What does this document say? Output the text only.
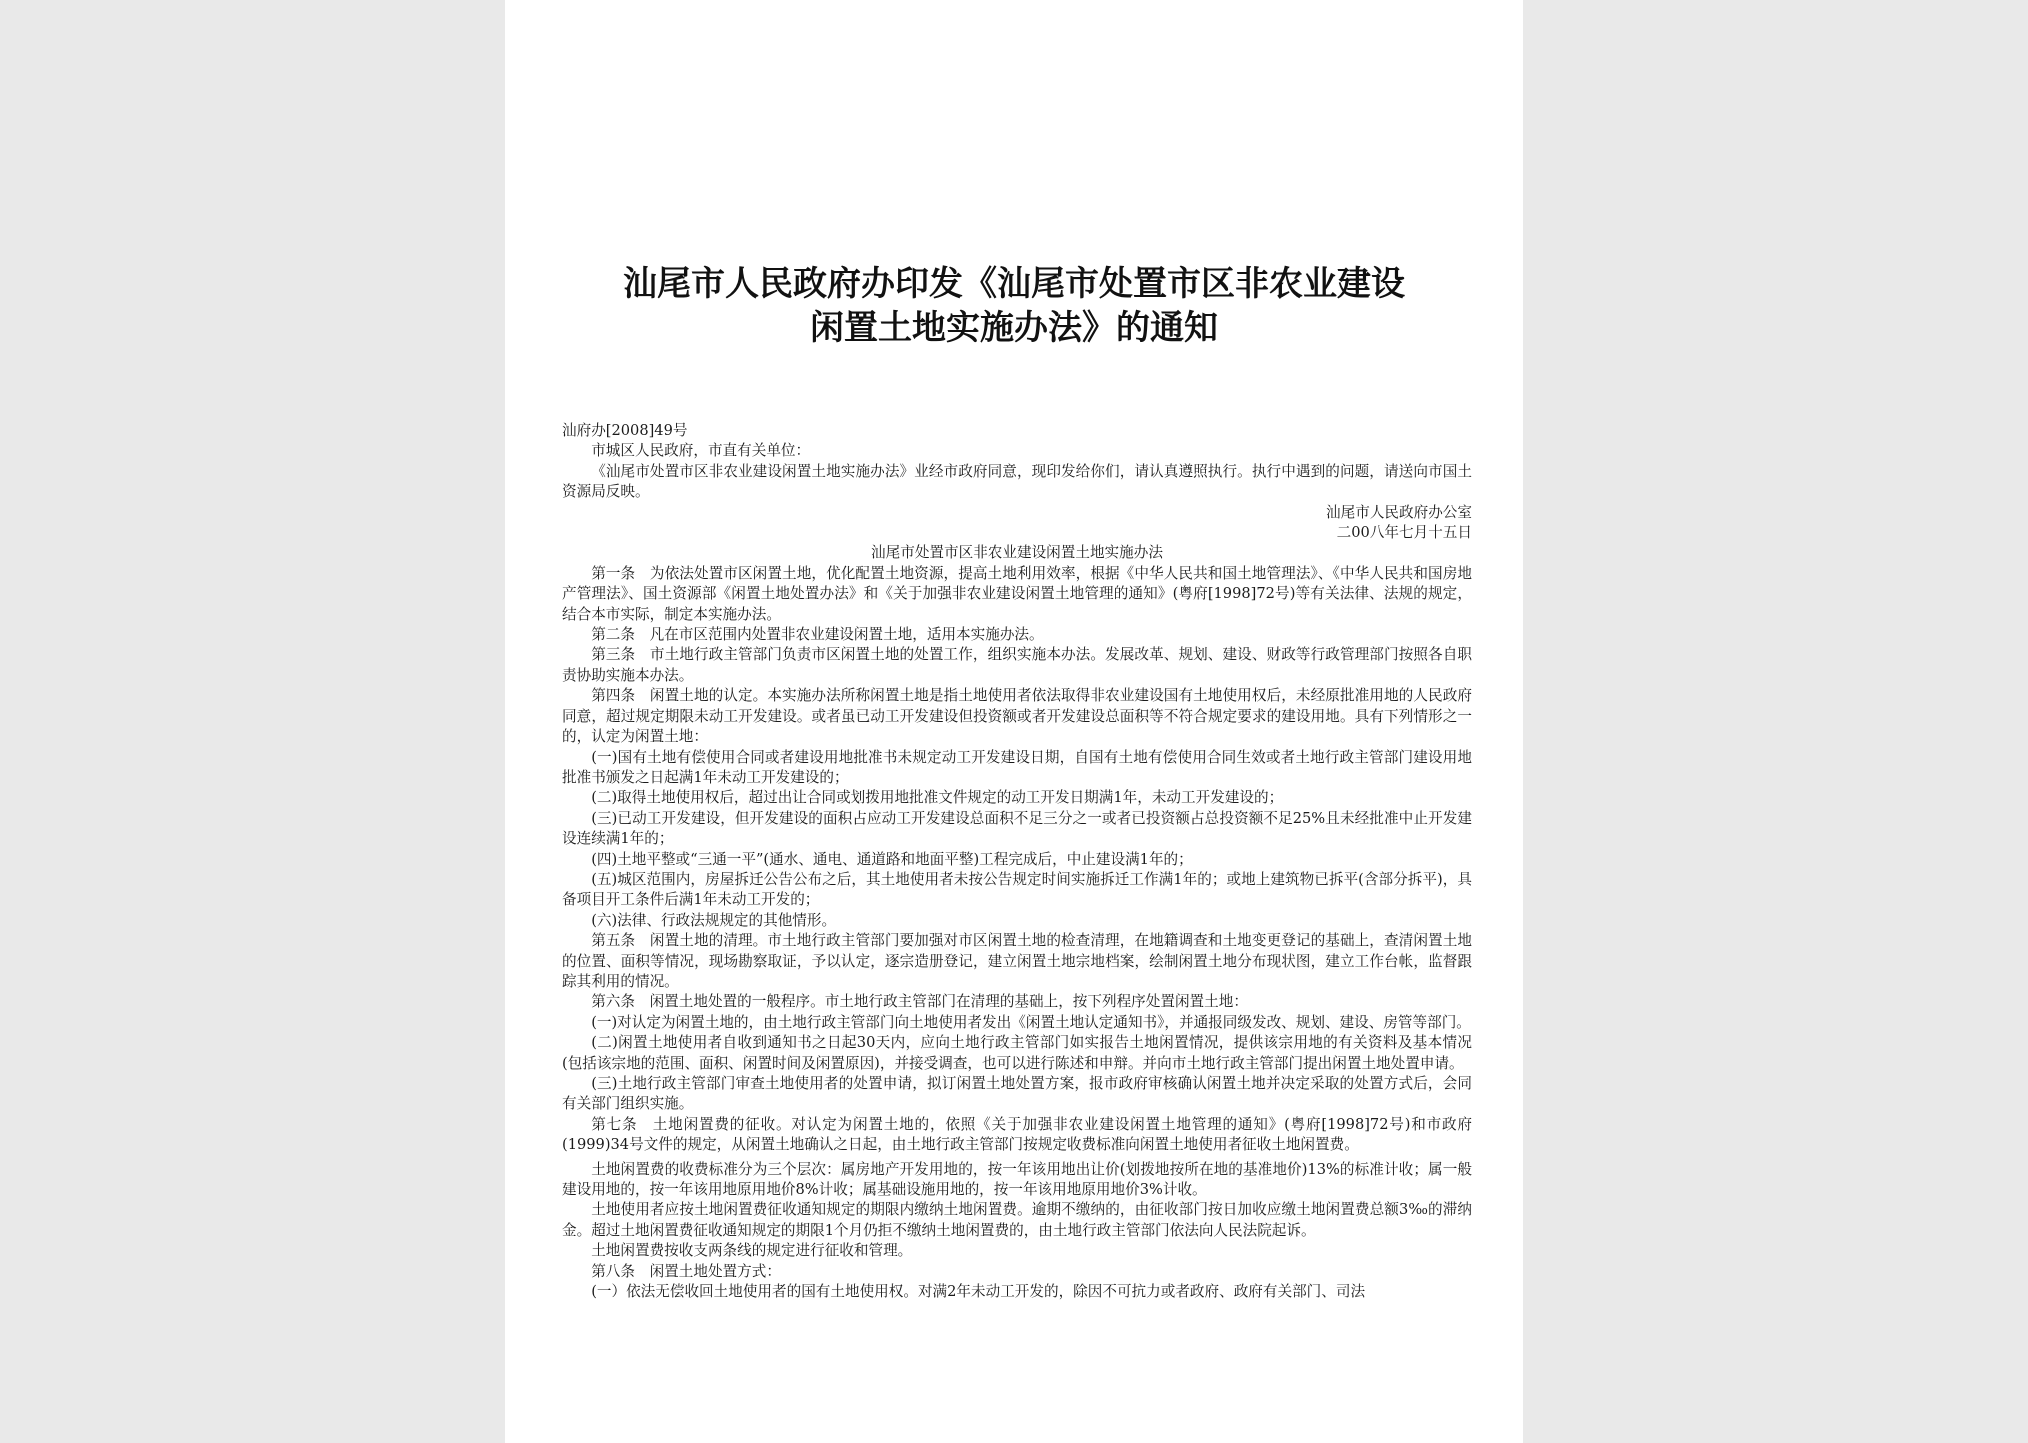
汕尾市人民政府办印发《汕尾市处置市区非农业建设
闲置土地实施办法》的通知

汕府办[2008]49号

市城区人民政府，市直有关单位：

《汕尾市处置市区非农业建设闲置土地实施办法》业经市政府同意，现印发给你们，请认真遵照执行。执行中遇到的问题，请送向市国土资源局反映。

汕尾市人民政府办公室

二00八年七月十五日

汕尾市处置市区非农业建设闲置土地实施办法

第一条　为依法处置市区闲置土地，优化配置土地资源，提高土地利用效率，根据《中华人民共和国土地管理法》、《中华人民共和国房地产管理法》、国土资源部《闲置土地处置办法》和《关于加强非农业建设闲置土地管理的通知》(粤府[1998]72号)等有关法律、法规的规定，结合本市实际，制定本实施办法。

第二条　凡在市区范围内处置非农业建设闲置土地，适用本实施办法。

第三条　市土地行政主管部门负责市区闲置土地的处置工作，组织实施本办法。发展改革、规划、建设、财政等行政管理部门按照各自职责协助实施本办法。

第四条　闲置土地的认定。本实施办法所称闲置土地是指土地使用者依法取得非农业建设国有土地使用权后，未经原批准用地的人民政府同意，超过规定期限未动工开发建设。或者虽已动工开发建设但投资额或者开发建设总面积等不符合规定要求的建设用地。具有下列情形之一的，认定为闲置土地：

(一)国有土地有偿使用合同或者建设用地批准书未规定动工开发建设日期，自国有土地有偿使用合同生效或者土地行政主管部门建设用地批准书颁发之日起满1年未动工开发建设的；

(二)取得土地使用权后，超过出让合同或划拨用地批准文件规定的动工开发日期满1年，未动工开发建设的；

(三)已动工开发建设，但开发建设的面积占应动工开发建设总面积不足三分之一或者已投资额占总投资额不足25%且未经批准中止开发建设连续满1年的；

(四)土地平整或“三通一平”(通水、通电、通道路和地面平整)工程完成后，中止建设满1年的；

(五)城区范围内，房屋拆迁公告公布之后，其土地使用者未按公告规定时间实施拆迁工作满1年的；或地上建筑物已拆平(含部分拆平)，具备项目开工条件后满1年未动工开发的；

(六)法律、行政法规规定的其他情形。

第五条　闲置土地的清理。市土地行政主管部门要加强对市区闲置土地的检查清理，在地籍调查和土地变更登记的基础上，查清闲置土地的位置、面积等情况，现场勘察取证，予以认定，逐宗造册登记，建立闲置土地宗地档案，绘制闲置土地分布现状图，建立工作台帐，监督跟踪其利用的情况。

第六条　闲置土地处置的一般程序。市土地行政主管部门在清理的基础上，按下列程序处置闲置土地：

(一)对认定为闲置土地的，由土地行政主管部门向土地使用者发出《闲置土地认定通知书》，并通报同级发改、规划、建设、房管等部门。

(二)闲置土地使用者自收到通知书之日起30天内，应向土地行政主管部门如实报告土地闲置情况，提供该宗用地的有关资料及基本情况(包括该宗地的范围、面积、闲置时间及闲置原因)，并接受调查，也可以进行陈述和申辩。并向市土地行政主管部门提出闲置土地处置申请。

(三)土地行政主管部门审查土地使用者的处置申请，拟订闲置土地处置方案，报市政府审核确认闲置土地并决定采取的处置方式后，会同有关部门组织实施。

第七条　土地闲置费的征收。对认定为闲置土地的，依照《关于加强非农业建设闲置土地管理的通知》(粤府[1998]72号)和市政府(1999)34号文件的规定，从闲置土地确认之日起，由土地行政主管部门按规定收费标准向闲置土地使用者征收土地闲置费。

土地闲置费的收费标准分为三个层次：属房地产开发用地的，按一年该用地出让价(划拨地按所在地的基准地价)13%的标准计收；属一般建设用地的，按一年该用地原用地价8%计收；属基础设施用地的，按一年该用地原用地价3%计收。

土地使用者应按土地闲置费征收通知规定的期限内缴纳土地闲置费。逾期不缴纳的，由征收部门按日加收应缴土地闲置费总额3‰的滞纳金。超过土地闲置费征收通知规定的期限1个月仍拒不缴纳土地闲置费的，由土地行政主管部门依法向人民法院起诉。

土地闲置费按收支两条线的规定进行征收和管理。

第八条　闲置土地处置方式：

(一）依法无偿收回土地使用者的国有土地使用权。对满2年未动工开发的，除因不可抗力或者政府、政府有关部门、司法
